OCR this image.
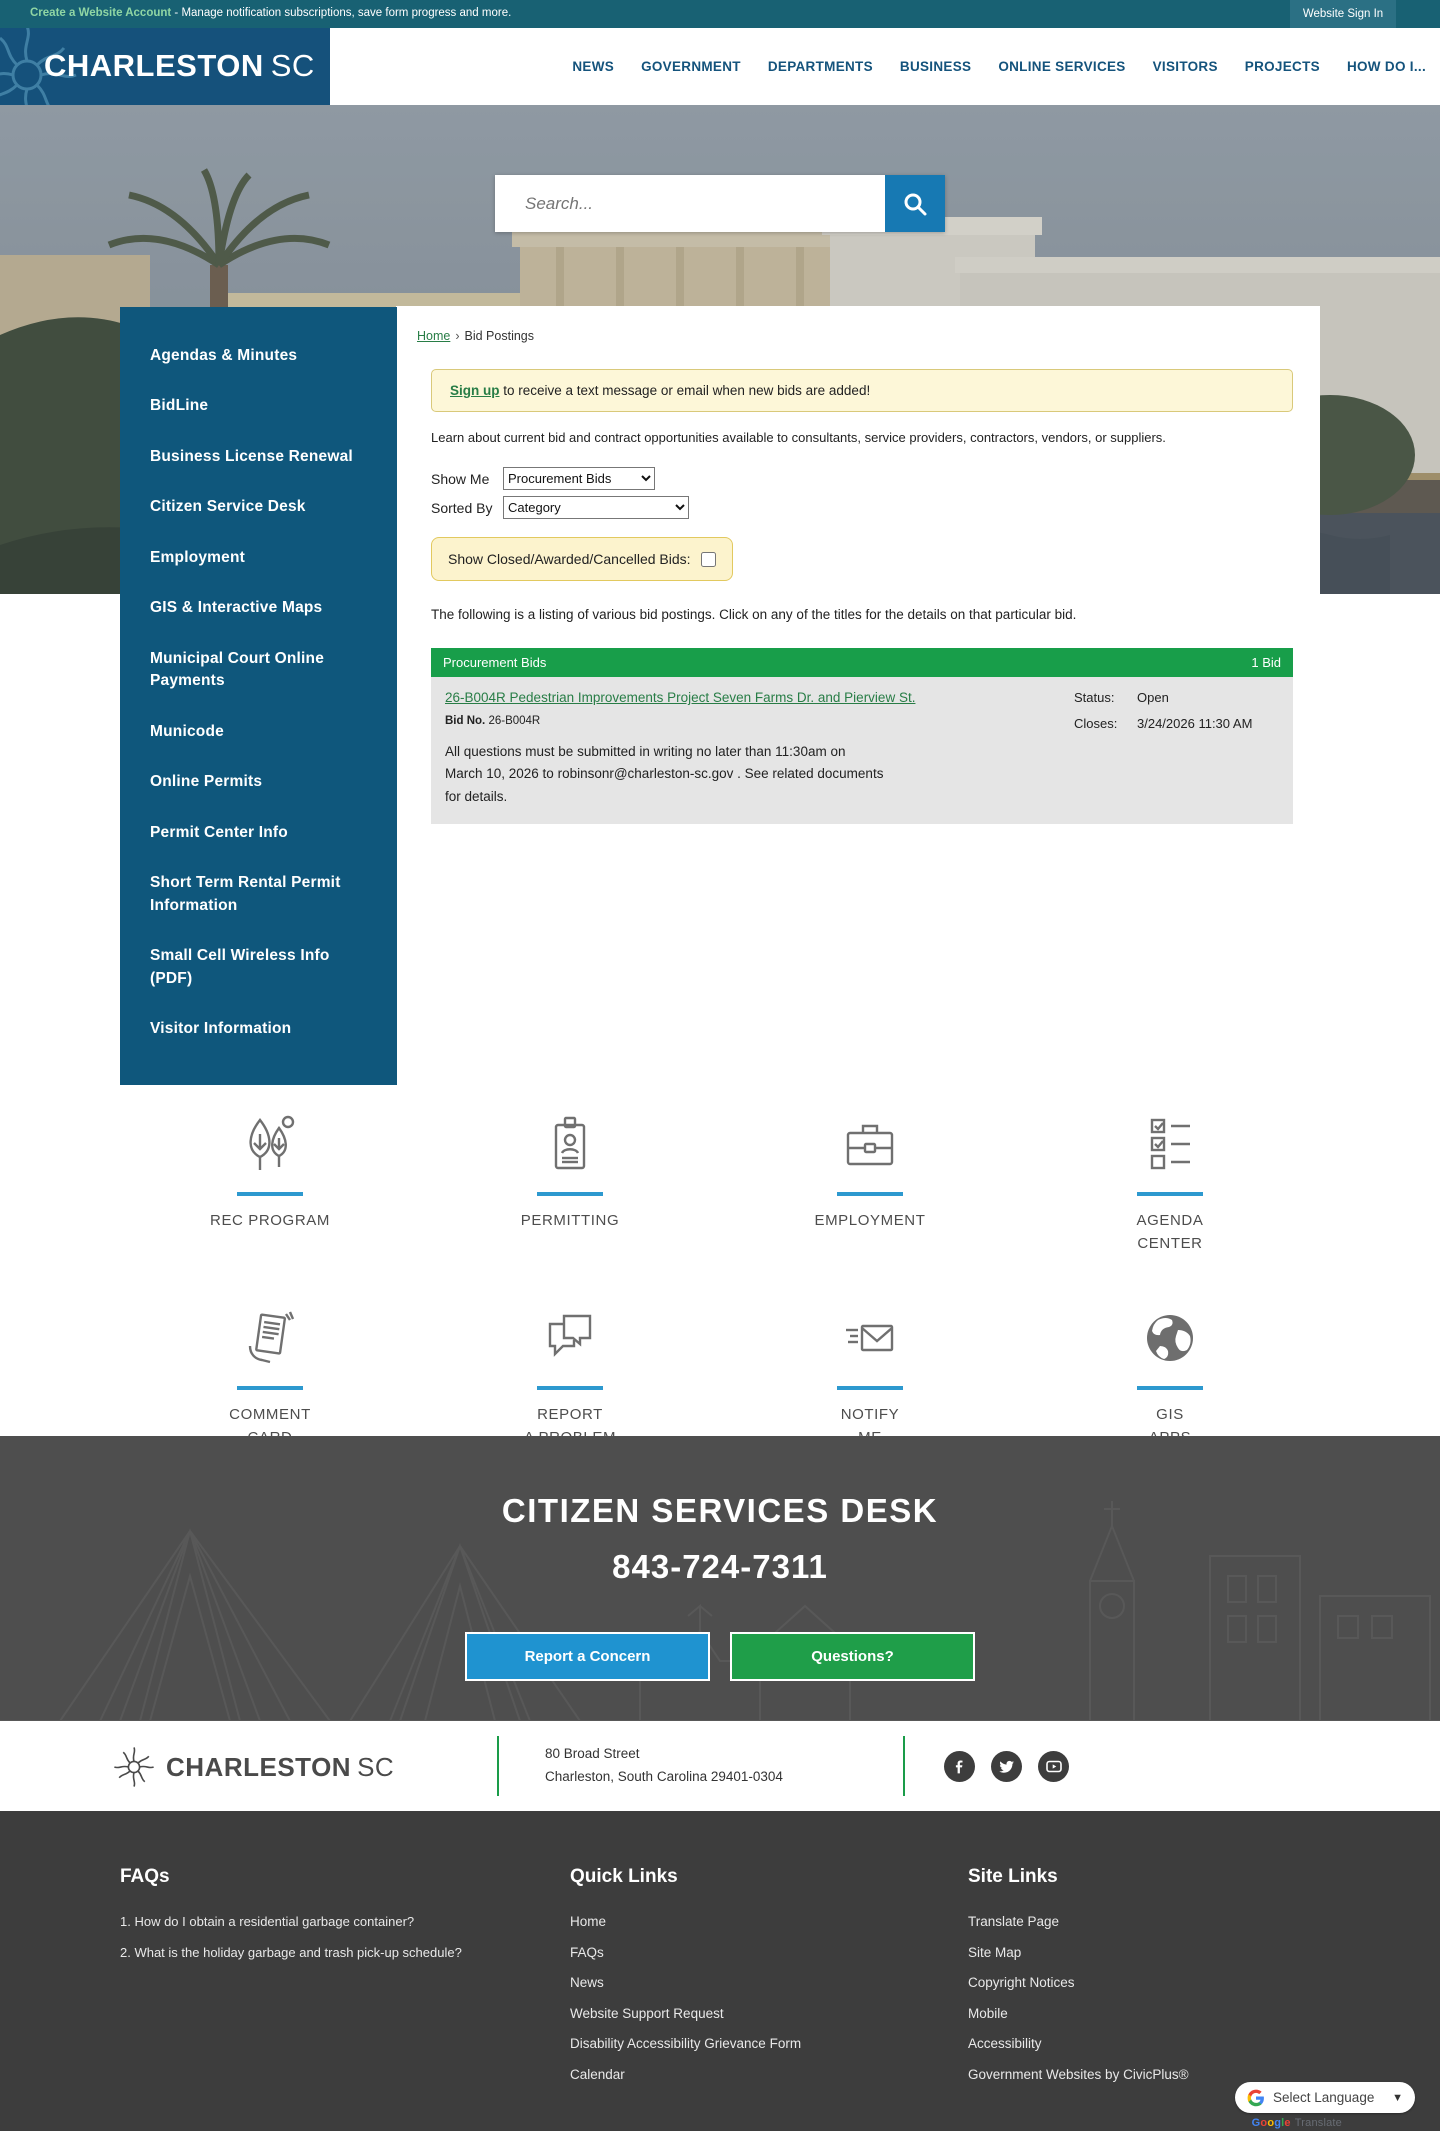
Create a Website Account - Manage notification subscriptions, save form progress and more.	Website Sign In
CHARLESTON SC	NEWS GOVERNMENT DEPARTMENTS BUSINESS ONLINE SERVICES VISITORS PROJECTS HOW DO I...
Search...
Home › Bid Postings
Sign up to receive a text message or email when new bids are added!

Learn about current bid and contract opportunities available to consultants, service providers, contractors, vendors, or suppliers.

Show Me
Procurement Bids
Sorted By
Category
Show Closed/Awarded/Cancelled Bids:

The following is a listing of various bid postings. Click on any of the titles for the details on that particular bid.

Procurement Bids	1 Bid
26-B004R Pedestrian Improvements Project Seven Farms Dr. and Pierview St.
Bid No. 26-B004R
All questions must be submitted in writing no later than 11:30am on March 10, 2026 to robinsonr@charleston-sc.gov . See related documents for details.
Status:	Open
Closes:	3/24/2026 11:30 AM
Agendas & Minutes
BidLine
Business License Renewal
Citizen Service Desk
Employment
GIS & Interactive Maps
Municipal Court Online Payments
Municode
Online Permits
Permit Center Info
Short Term Rental Permit Information
Small Cell Wireless Info (PDF)
Visitor Information
REC PROGRAM	PERMITTING	EMPLOYMENT	AGENDA
CENTER
COMMENT	REPORT	NOTIFY	GIS
CITIZEN SERVICES DESK
843-724-7311
Report a Concern	Questions?
CHARLESTON SC	80 Broad Street
Charleston, South Carolina 29401-0304
FAQs
1. How do I obtain a residential garbage container?
2. What is the holiday garbage and trash pick-up schedule?
Quick Links
Home
FAQs
News
Website Support Request
Disability Accessibility Grievance Form
Calendar
Site Links
Translate Page
Site Map
Copyright Notices
Mobile
Accessibility
Government Websites by CivicPlus®
Select Language	▼
Google Translate
